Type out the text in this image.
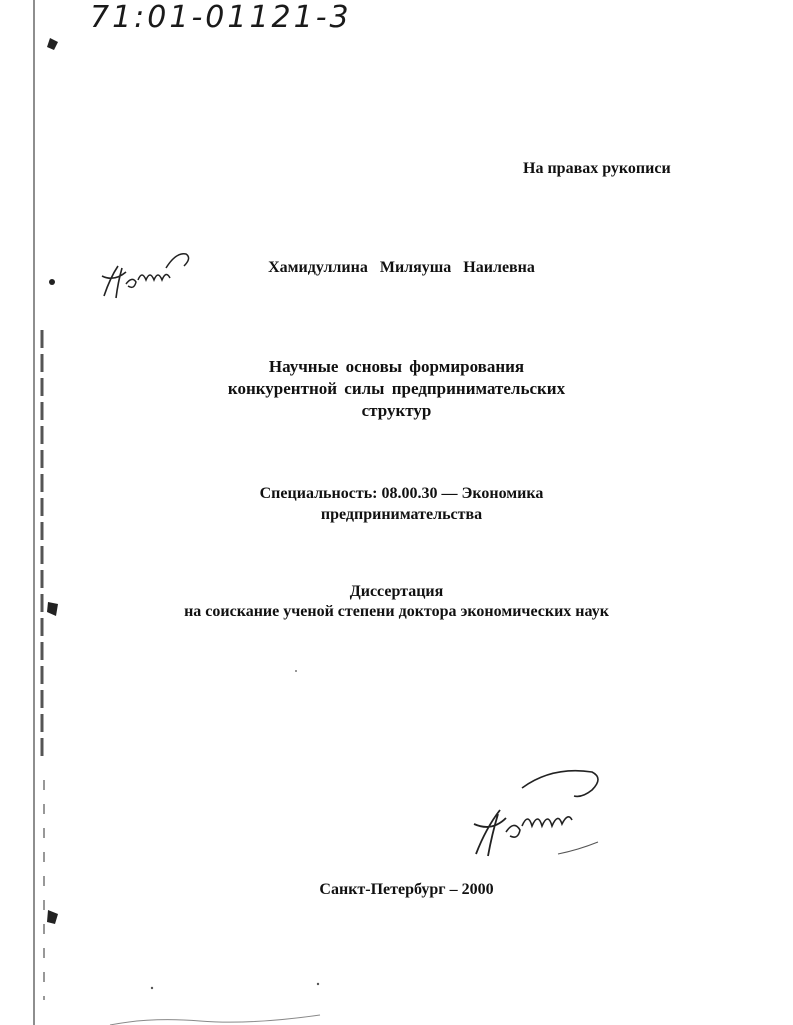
71:01-01121-3
На правах рукописи
Хамидуллина Миляуша Наилевна
Научные основы формирования
конкурентной силы предпринимательских
структур
Специальность: 08.00.30 — Экономика
предпринимательства
Диссертация
на соискание ученой степени доктора экономических наук
Санкт-Петербург – 2000
